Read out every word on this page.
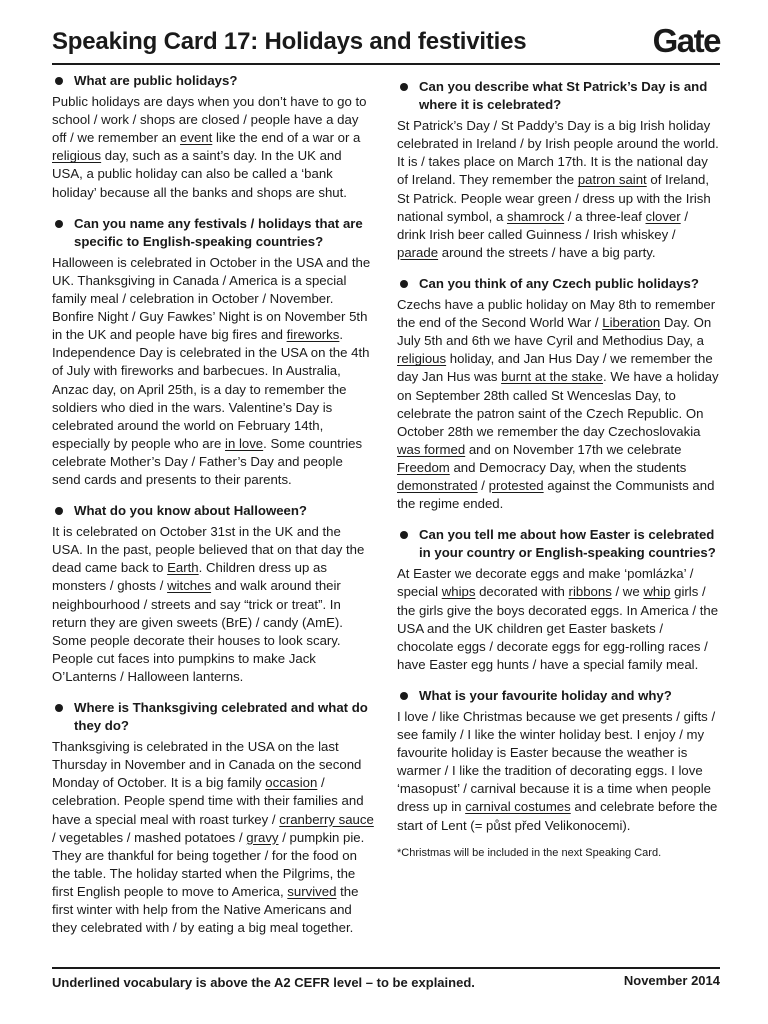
Speaking Card 17: Holidays and festivities	Gate
What are public holidays?
Public holidays are days when you don’t have to go to school / work / shops are closed / people have a day off / we remember an event like the end of a war or a religious day, such as a saint’s day. In the UK and USA, a public holiday can also be called a ‘bank holiday’ because all the banks and shops are shut.
Can you name any festivals / holidays that are specific to English-speaking countries?
Halloween is celebrated in October in the USA and the UK. Thanksgiving in Canada / America is a special family meal / celebration in October / November. Bonfire Night / Guy Fawkes’ Night is on November 5th in the UK and people have big fires and fireworks. Independence Day is celebrated in the USA on the 4th of July with fireworks and barbecues. In Australia, Anzac day, on April 25th, is a day to remember the soldiers who died in the wars. Valentine’s Day is celebrated around the world on February 14th, especially by people who are in love. Some countries celebrate Mother’s Day / Father’s Day and people send cards and presents to their parents.
What do you know about Halloween?
It is celebrated on October 31st in the UK and the USA. In the past, people believed that on that day the dead came back to Earth. Children dress up as monsters / ghosts / witches and walk around their neighbourhood / streets and say “trick or treat”. In return they are given sweets (BrE) / candy (AmE). Some people decorate their houses to look scary. People cut faces into pumpkins to make Jack O’Lanterns / Halloween lanterns.
Where is Thanksgiving celebrated and what do they do?
Thanksgiving is celebrated in the USA on the last Thursday in November and in Canada on the second Monday of October. It is a big family occasion / celebration. People spend time with their families and have a special meal with roast turkey / cranberry sauce / vegetables / mashed potatoes / gravy / pumpkin pie. They are thankful for being together / for the food on the table. The holiday started when the Pilgrims, the first English people to move to America, survived the first winter with help from the Native Americans and they celebrated with / by eating a big meal together.
Can you describe what St Patrick’s Day is and where it is celebrated?
St Patrick’s Day / St Paddy’s Day is a big Irish holiday celebrated in Ireland / by Irish people around the world. It is / takes place on March 17th. It is the national day of Ireland. They remember the patron saint of Ireland, St Patrick. People wear green / dress up with the Irish national symbol, a shamrock / a three-leaf clover / drink Irish beer called Guinness / Irish whiskey / parade around the streets / have a big party.
Can you think of any Czech public holidays?
Czechs have a public holiday on May 8th to remember the end of the Second World War / Liberation Day. On July 5th and 6th we have Cyril and Methodius Day, a religious holiday, and Jan Hus Day / we remember the day Jan Hus was burnt at the stake. We have a holiday on September 28th called St Wenceslas Day, to celebrate the patron saint of the Czech Republic. On October 28th we remember the day Czechoslovakia was formed and on November 17th we celebrate Freedom and Democracy Day, when the students demonstrated / protested against the Communists and the regime ended.
Can you tell me about how Easter is celebrated in your country or English-speaking countries?
At Easter we decorate eggs and make ‘pomlázka’ / special whips decorated with ribbons / we whip girls / the girls give the boys decorated eggs. In America / the USA and the UK children get Easter baskets / chocolate eggs / decorate eggs for egg-rolling races / have Easter egg hunts / have a special family meal.
What is your favourite holiday and why?
I love / like Christmas because we get presents / gifts / see family / I like the winter holiday best. I enjoy / my favourite holiday is Easter because the weather is warmer / I like the tradition of decorating eggs. I love ‘masopust’ / carnival because it is a time when people dress up in carnival costumes and celebrate before the start of Lent (= půst před Velikonocemi).
*Christmas will be included in the next Speaking Card.
Underlined vocabulary is above the A2 CEFR level – to be explained.	November 2014
